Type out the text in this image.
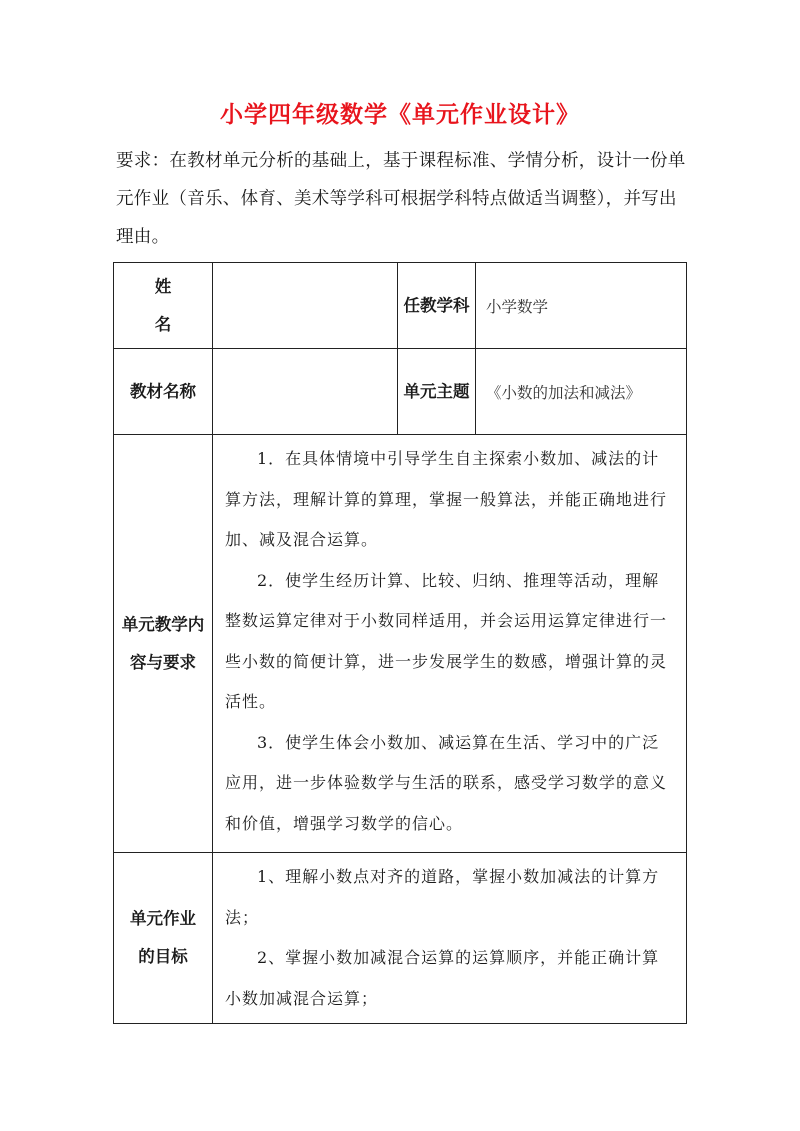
小学四年级数学《单元作业设计》
要求：在教材单元分析的基础上，基于课程标准、学情分析，设计一份单元作业（音乐、体育、美术等学科可根据学科特点做适当调整），并写出理由。
姓名		任教学科	小学数学
教材名称		单元主题	《小数的加法和减法》
单元教学内容与要求	1．在具体情境中引导学生自主探索小数加、减法的计算方法，理解计算的算理，掌握一般算法，并能正确地进行加、减及混合运算。

2．使学生经历计算、比较、归纳、推理等活动，理解整数运算定律对于小数同样适用，并会运用运算定律进行一些小数的简便计算，进一步发展学生的数感，增强计算的灵活性。

3．使学生体会小数加、减运算在生活、学习中的广泛应用，进一步体验数学与生活的联系，感受学习数学的意义和价值，增强学习数学的信心。		

单元作业的目标	1、理解小数点对齐的道路，掌握小数加减法的计算方法；

2、掌握小数加减混合运算的运算顺序，并能正确计算小数加减混合运算；		
